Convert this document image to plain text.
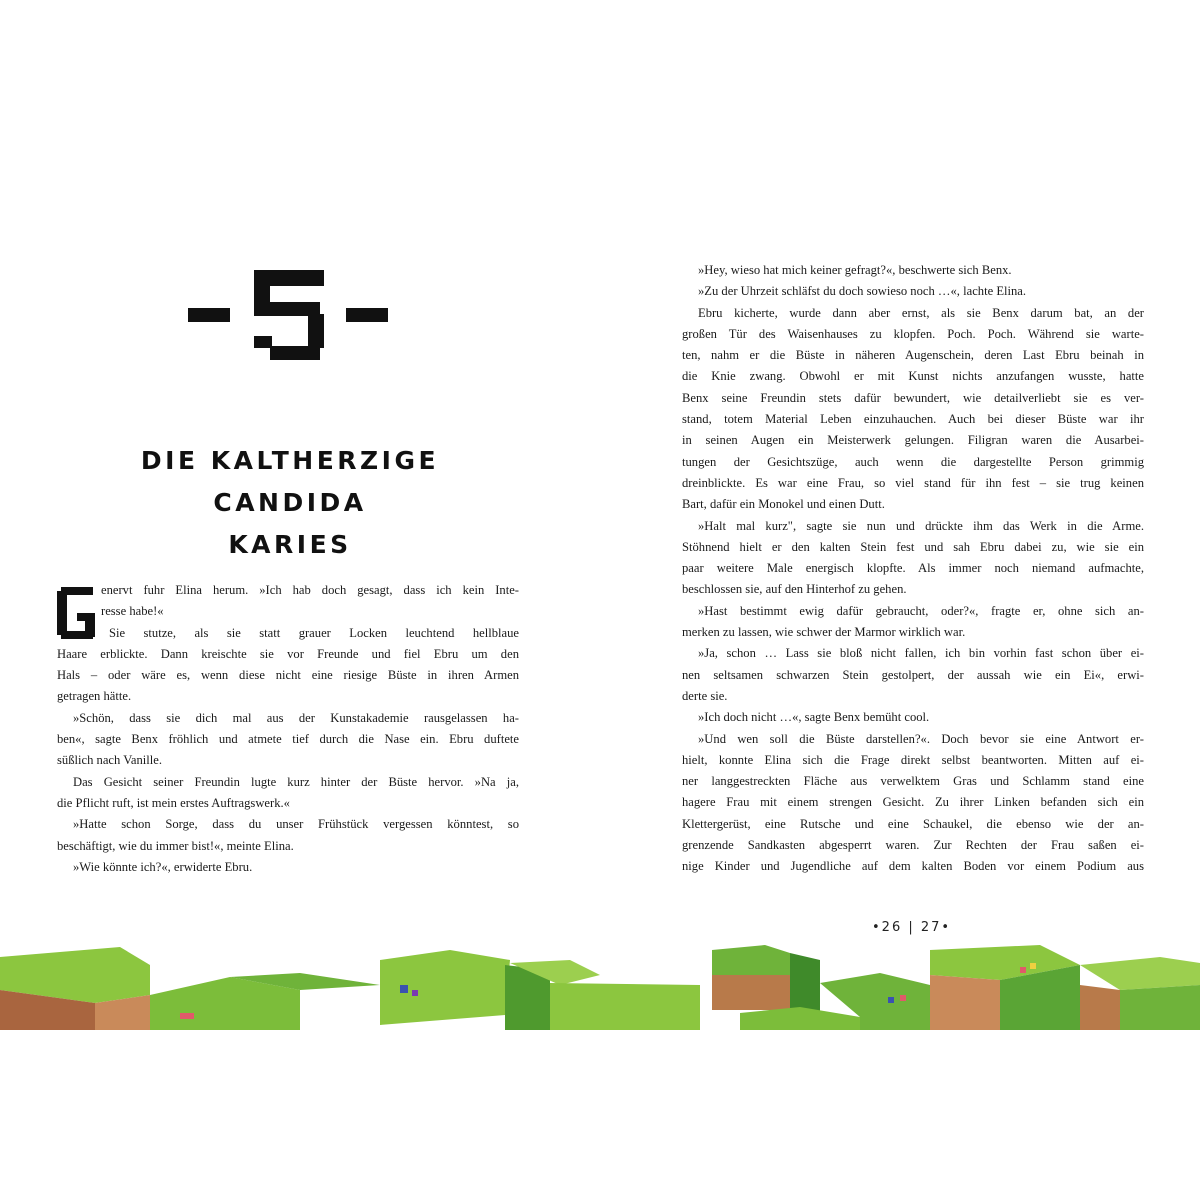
5
DIE KALTHERZIGE CANDIDA
KARIES
G	enervt fuhr Elina herum. »Ich hab doch gesagt, dass ich kein Inte-

resse habe!«

Sie stutze, als sie statt grauer Locken leuchtend hellblaue

Haare erblickte. Dann kreischte sie vor Freunde und fiel Ebru um den

Hals – oder wäre es, wenn diese nicht eine riesige Büste in ihren Armen

getragen hätte.

»Schön, dass sie dich mal aus der Kunstakademie rausgelassen ha-

ben«, sagte Benx fröhlich und atmete tief durch die Nase ein. Ebru duftete

süßlich nach Vanille.

Das Gesicht seiner Freundin lugte kurz hinter der Büste hervor. »Na ja,

die Pflicht ruft, ist mein erstes Auftragswerk.«

»Hatte schon Sorge, dass du unser Frühstück vergessen könntest, so

beschäftigt, wie du immer bist!«, meinte Elina.

»Wie könnte ich?«, erwiderte Ebru.

»Hey, wieso hat mich keiner gefragt?«, beschwerte sich Benx.

»Zu der Uhrzeit schläfst du doch sowieso noch …«, lachte Elina.

Ebru kicherte, wurde dann aber ernst, als sie Benx darum bat, an der

großen Tür des Waisenhauses zu klopfen. Poch. Poch. Während sie warte-

ten, nahm er die Büste in näheren Augenschein, deren Last Ebru beinah in

die Knie zwang. Obwohl er mit Kunst nichts anzufangen wusste, hatte

Benx seine Freundin stets dafür bewundert, wie detailverliebt sie es ver-

stand, totem Material Leben einzuhauchen. Auch bei dieser Büste war ihr

in seinen Augen ein Meisterwerk gelungen. Filigran waren die Ausarbei-

tungen der Gesichtszüge, auch wenn die dargestellte Person grimmig

dreinblickte. Es war eine Frau, so viel stand für ihn fest – sie trug keinen

Bart, dafür ein Monokel und einen Dutt.

»Halt mal kurz", sagte sie nun und drückte ihm das Werk in die Arme.

Stöhnend hielt er den kalten Stein fest und sah Ebru dabei zu, wie sie ein

paar weitere Male energisch klopfte. Als immer noch niemand aufmachte,

beschlossen sie, auf den Hinterhof zu gehen.

»Hast bestimmt ewig dafür gebraucht, oder?«, fragte er, ohne sich an-

merken zu lassen, wie schwer der Marmor wirklich war.

»Ja, schon … Lass sie bloß nicht fallen, ich bin vorhin fast schon über ei-

nen seltsamen schwarzen Stein gestolpert, der aussah wie ein Ei«, erwi-

derte sie.

»Ich doch nicht …«, sagte Benx bemüht cool.

»Und wen soll die Büste darstellen?«. Doch bevor sie eine Antwort er-

hielt, konnte Elina sich die Frage direkt selbst beantworten. Mitten auf ei-

ner langgestreckten Fläche aus verwelktem Gras und Schlamm stand eine

hagere Frau mit einem strengen Gesicht. Zu ihrer Linken befanden sich ein

Klettergerüst, eine Rutsche und eine Schaukel, die ebenso wie der an-

grenzende Sandkasten abgesperrt waren. Zur Rechten der Frau saßen ei-

nige Kinder und Jugendliche auf dem kalten Boden vor einem Podium aus

•26 | 27•
